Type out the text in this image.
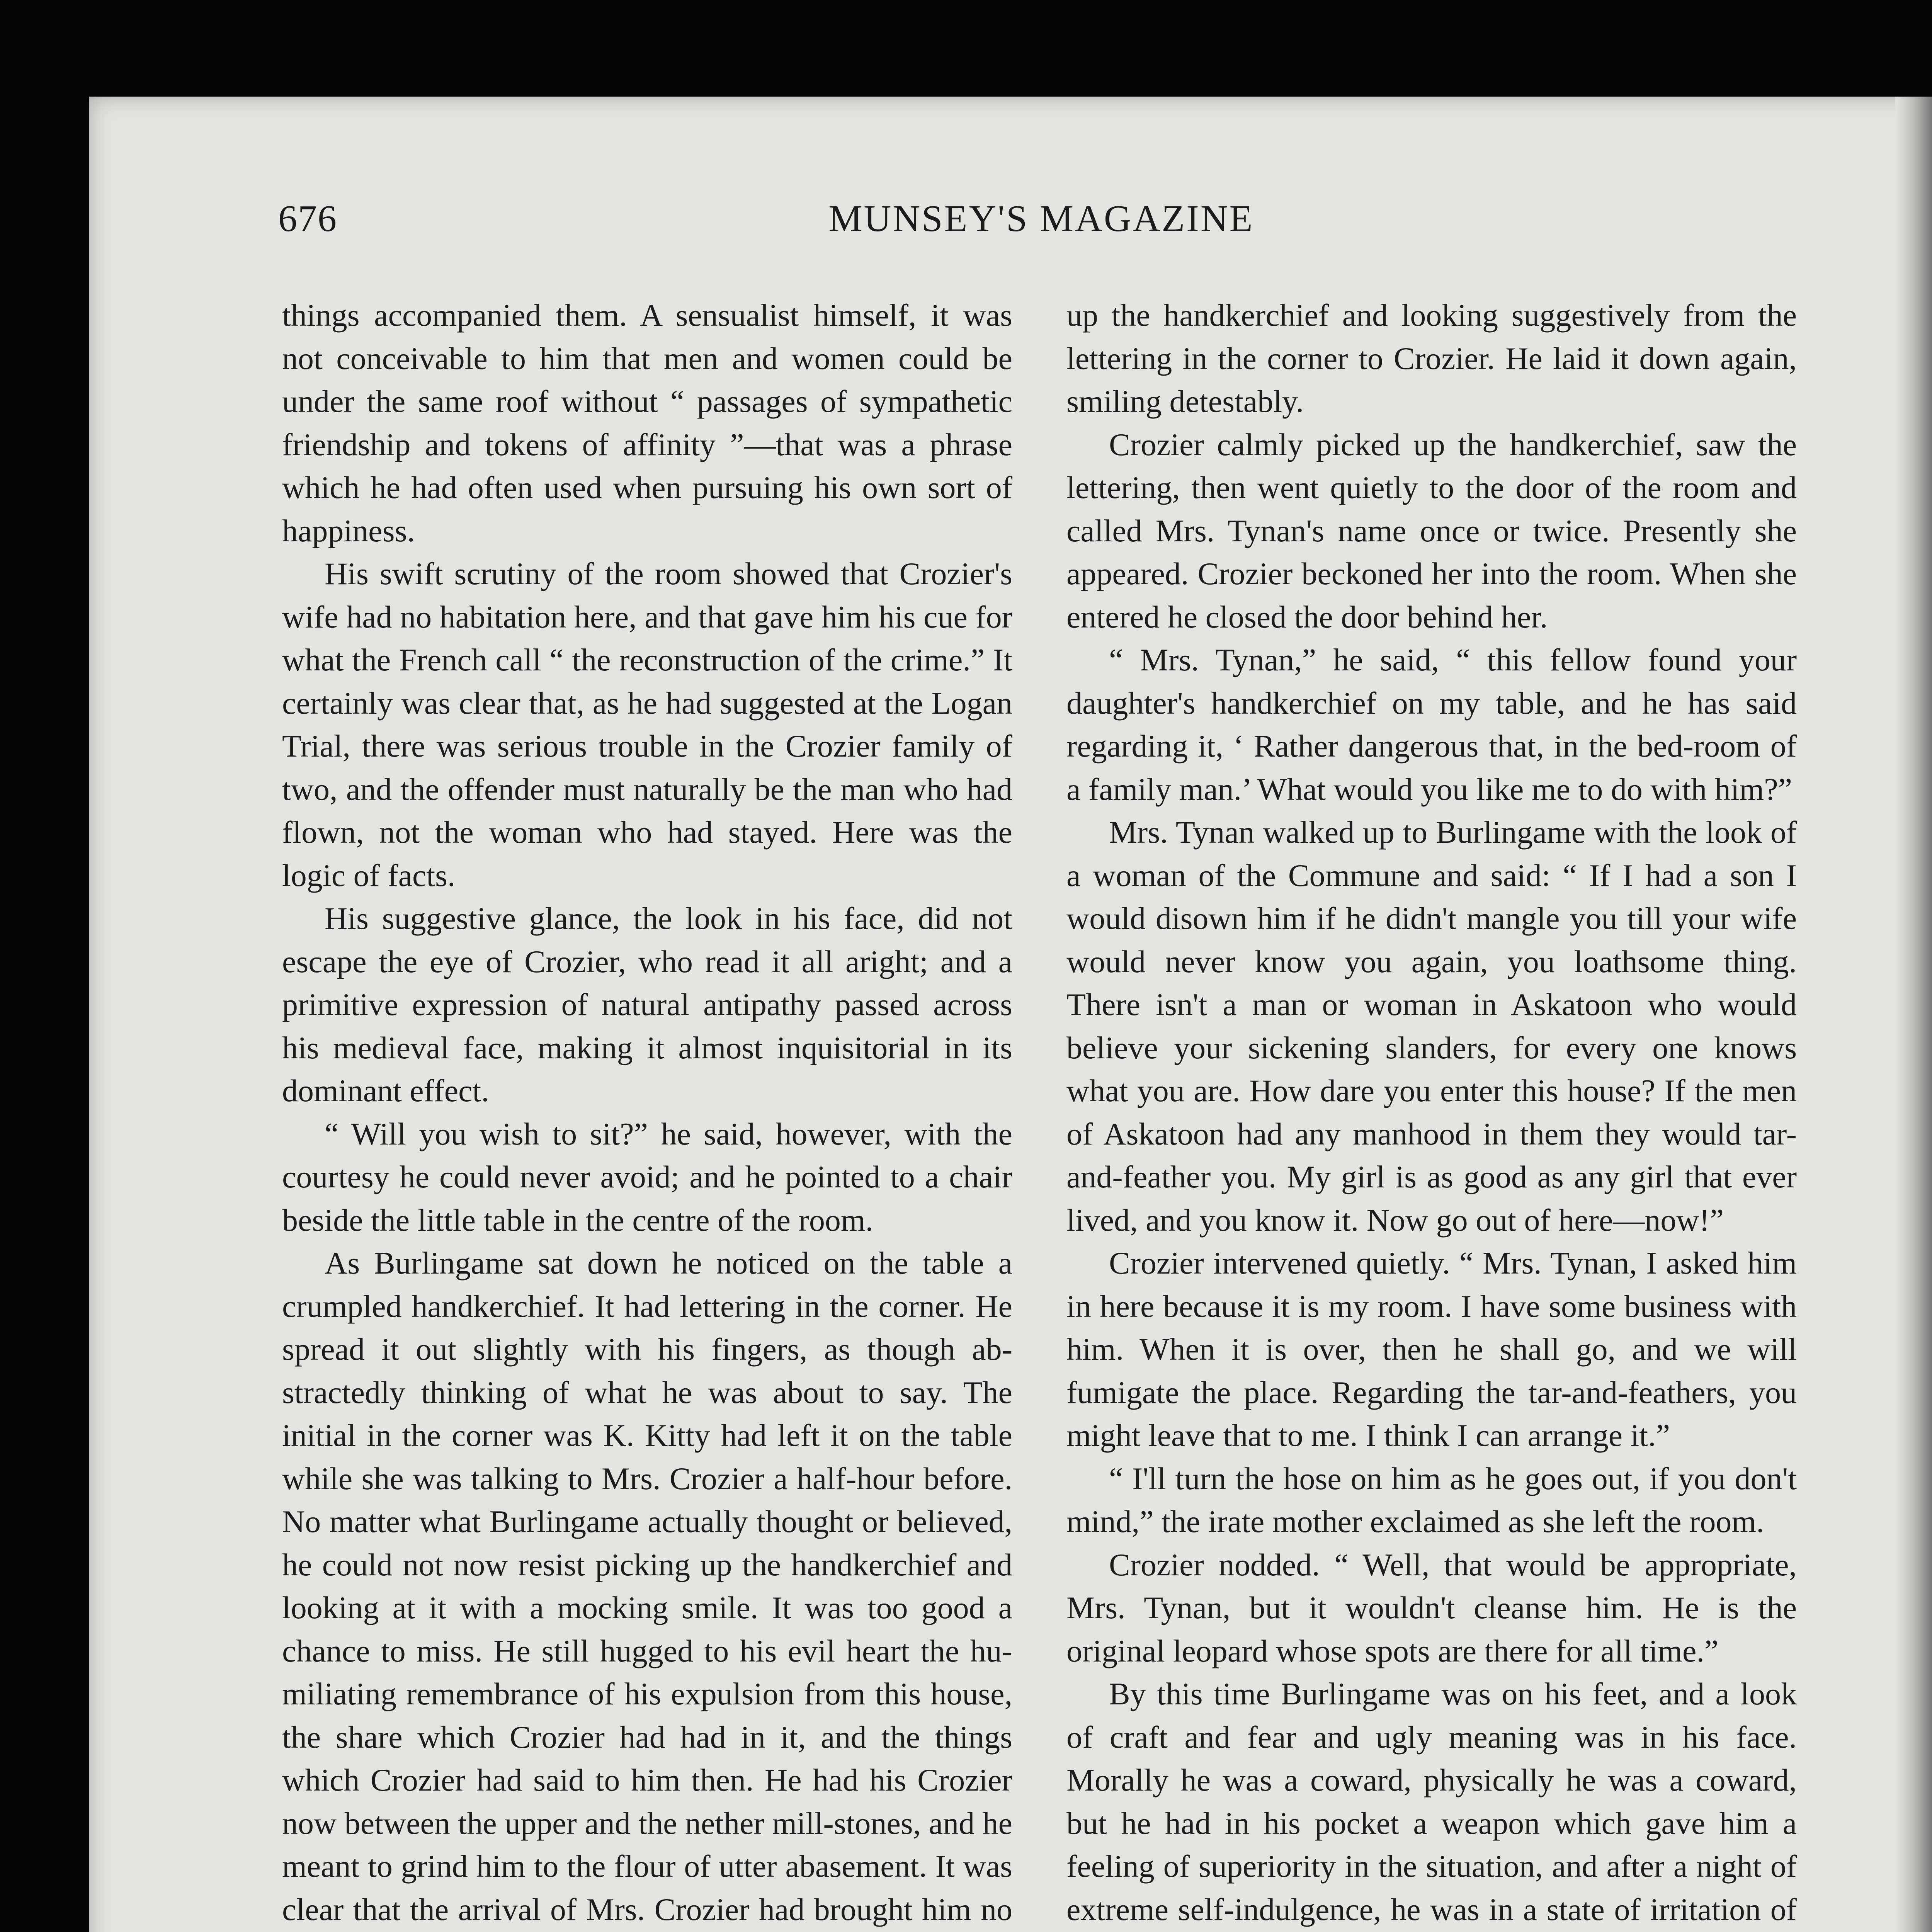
676	MUNSEY'S MAGAZINE

things accompanied them. A sensualist himself, it was not conceivable to him that men and women could be under the same roof without “ passages of sympathetic friendship and tokens of affinity ”—that was a phrase which he had often used when pursuing his own sort of happiness.

His swift scrutiny of the room showed that Crozier's wife had no habitation here, and that gave him his cue for what the French call “ the reconstruction of the crime.” It certainly was clear that, as he had suggested at the Logan Trial, there was serious trouble in the Crozier family of two, and the offender must naturally be the man who had flown, not the woman who had stayed. Here was the logic of facts.

His suggestive glance, the look in his face, did not escape the eye of Crozier, who read it all aright; and a primitive expression of natural antipathy passed across his medieval face, making it almost inquisitorial in its dominant effect.

“ Will you wish to sit?” he said, however, with the courtesy he could never avoid; and he pointed to a chair beside the little table in the centre of the room.

As Burlingame sat down he noticed on the table a crumpled handkerchief. It had lettering in the corner. He spread it out slightly with his fingers, as though abstractedly thinking of what he was about to say. The initial in the corner was K. Kitty had left it on the table while she was talking to Mrs. Crozier a half-hour before. No matter what Burlingame actually thought or believed, he could not now resist picking up the handkerchief and looking at it with a mocking smile. It was too good a chance to miss. He still hugged to his evil heart the humiliating remembrance of his expulsion from this house, the share which Crozier had had in it, and the things which Crozier had said to him then. He had his Crozier now between the upper and the nether mill-stones, and he meant to grind him to the flour of utter abasement. It was clear that the arrival of Mrs. Crozier had brought him no

up the handkerchief and looking suggestively from the lettering in the corner to Crozier. He laid it down again, smiling detestably.

Crozier calmly picked up the handkerchief, saw the lettering, then went quietly to the door of the room and called Mrs. Tynan's name once or twice. Presently she appeared. Crozier beckoned her into the room. When she entered he closed the door behind her.

“ Mrs. Tynan,” he said, “ this fellow found your daughter's handkerchief on my table, and he has said regarding it, ‘ Rather dangerous that, in the bed-room of a family man.’ What would you like me to do with him?”

Mrs. Tynan walked up to Burlingame with the look of a woman of the Commune and said: “ If I had a son I would disown him if he didn't mangle you till your wife would never know you again, you loathsome thing. There isn't a man or woman in Askatoon who would believe your sickening slanders, for every one knows what you are. How dare you enter this house? If the men of Askatoon had any manhood in them they would tar-and-feather you. My girl is as good as any girl that ever lived, and you know it. Now go out of here—now!”

Crozier intervened quietly. “ Mrs. Tynan, I asked him in here because it is my room. I have some business with him. When it is over, then he shall go, and we will fumigate the place. Regarding the tar-and-feathers, you might leave that to me. I think I can arrange it.”

“ I'll turn the hose on him as he goes out, if you don't mind,” the irate mother exclaimed as she left the room.

Crozier nodded. “ Well, that would be appropriate, Mrs. Tynan, but it wouldn't cleanse him. He is the original leopard whose spots are there for all time.”

By this time Burlingame was on his feet, and a look of craft and fear and ugly meaning was in his face. Morally he was a coward, physically he was a coward, but he had in his pocket a weapon which gave him a feeling of superiority in the situation, and after a night of extreme self-indulgence, he was in a state of irritation of
